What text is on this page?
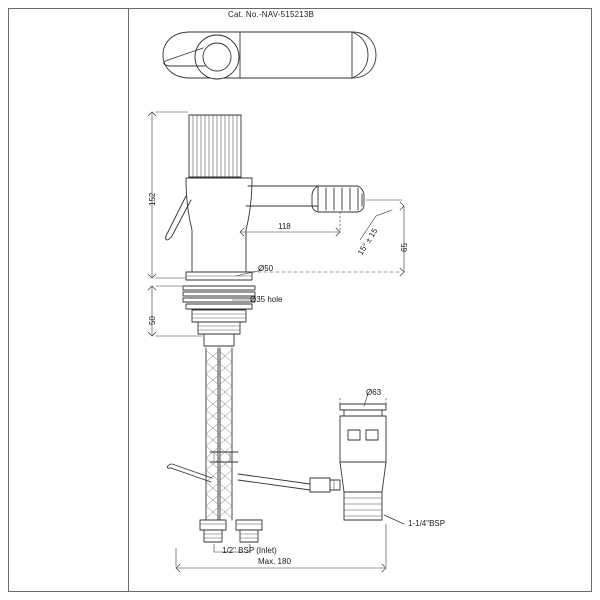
Cat. No.-NAV-515213B
152
50
118
65
15° ± 15
Ø50
Ø35 hole
Ø63
1-1/4"BSP
1/2" BSP (Inlet)
Max. 180
